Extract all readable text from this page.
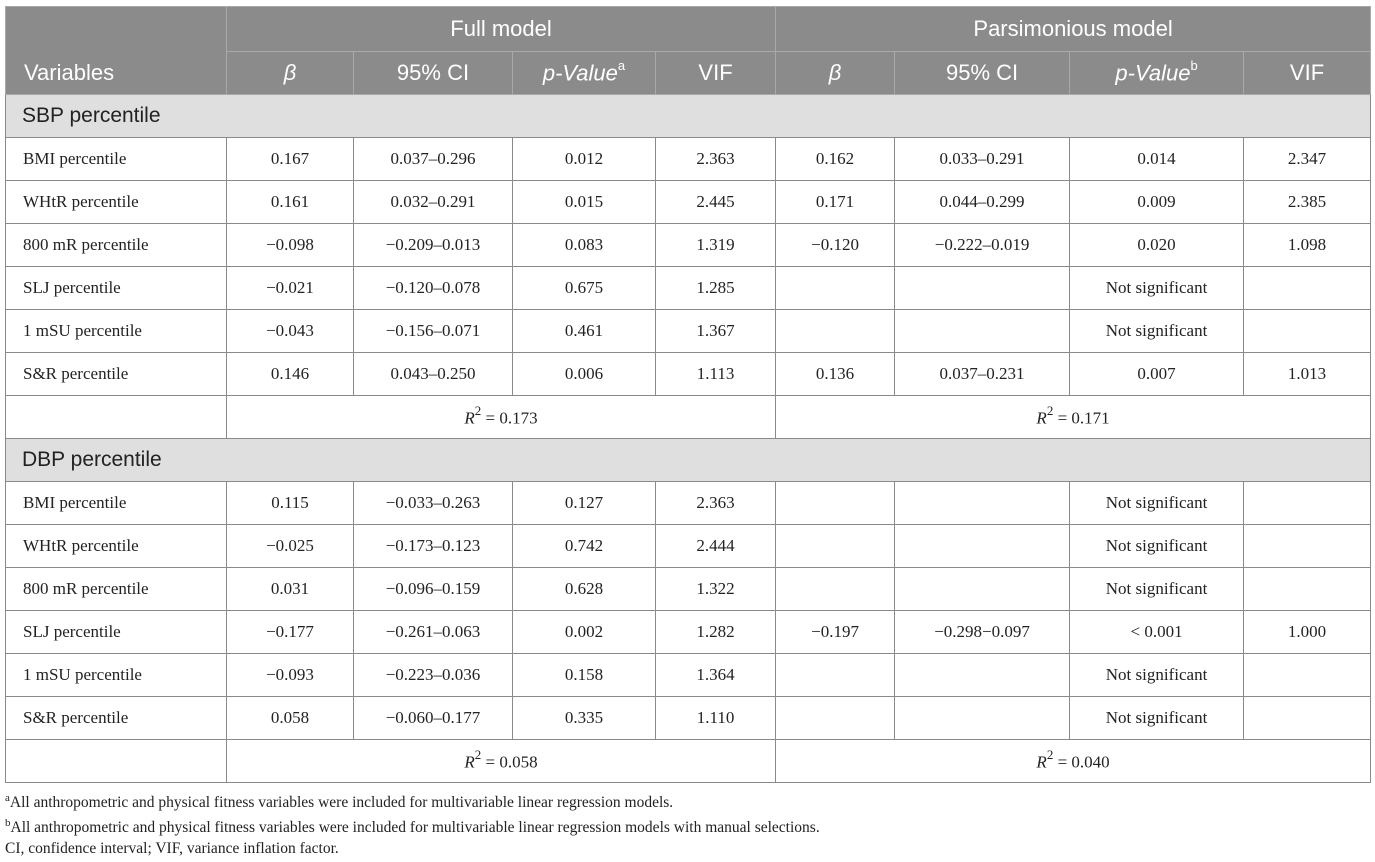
Variables	Full model				Parsimonious model			
	β	95% CI	p-Value$^a$	VIF	β	95% CI	p-Value$^b$	VIF
SBP percentile								
BMI percentile	0.167	0.037–0.296	0.012	2.363	0.162	0.033–0.291	0.014	2.347
WHtR percentile	0.161	0.032–0.291	0.015	2.445	0.171	0.044–0.299	0.009	2.385
800 mR percentile	−0.098	−0.209–0.013	0.083	1.319	−0.120	−0.222–0.019	0.020	1.098
SLJ percentile	−0.021	−0.120–0.078	0.675	1.285			Not significant	
1 mSU percentile	−0.043	−0.156–0.071	0.461	1.367			Not significant	
S&R percentile	0.146	0.043–0.250	0.006	1.113	0.136	0.037–0.231	0.007	1.013
	$R^2 = 0.173$				$R^2 = 0.171$			
DBP percentile								
BMI percentile	0.115	−0.033–0.263	0.127	2.363			Not significant	
WHtR percentile	−0.025	−0.173–0.123	0.742	2.444			Not significant	
800 mR percentile	0.031	−0.096–0.159	0.628	1.322			Not significant	
SLJ percentile	−0.177	−0.261–0.063	0.002	1.282	−0.197	−0.298−0.097	< 0.001	1.000
1 mSU percentile	−0.093	−0.223–0.036	0.158	1.364			Not significant	
S&R percentile	0.058	−0.060–0.177	0.335	1.110			Not significant	
	$R^2 = 0.058$				$R^2 = 0.040$			
$^a$All anthropometric and physical fitness variables were included for multivariable linear regression models.
$^b$All anthropometric and physical fitness variables were included for multivariable linear regression models with manual selections.
CI, confidence interval; VIF, variance inflation factor.
